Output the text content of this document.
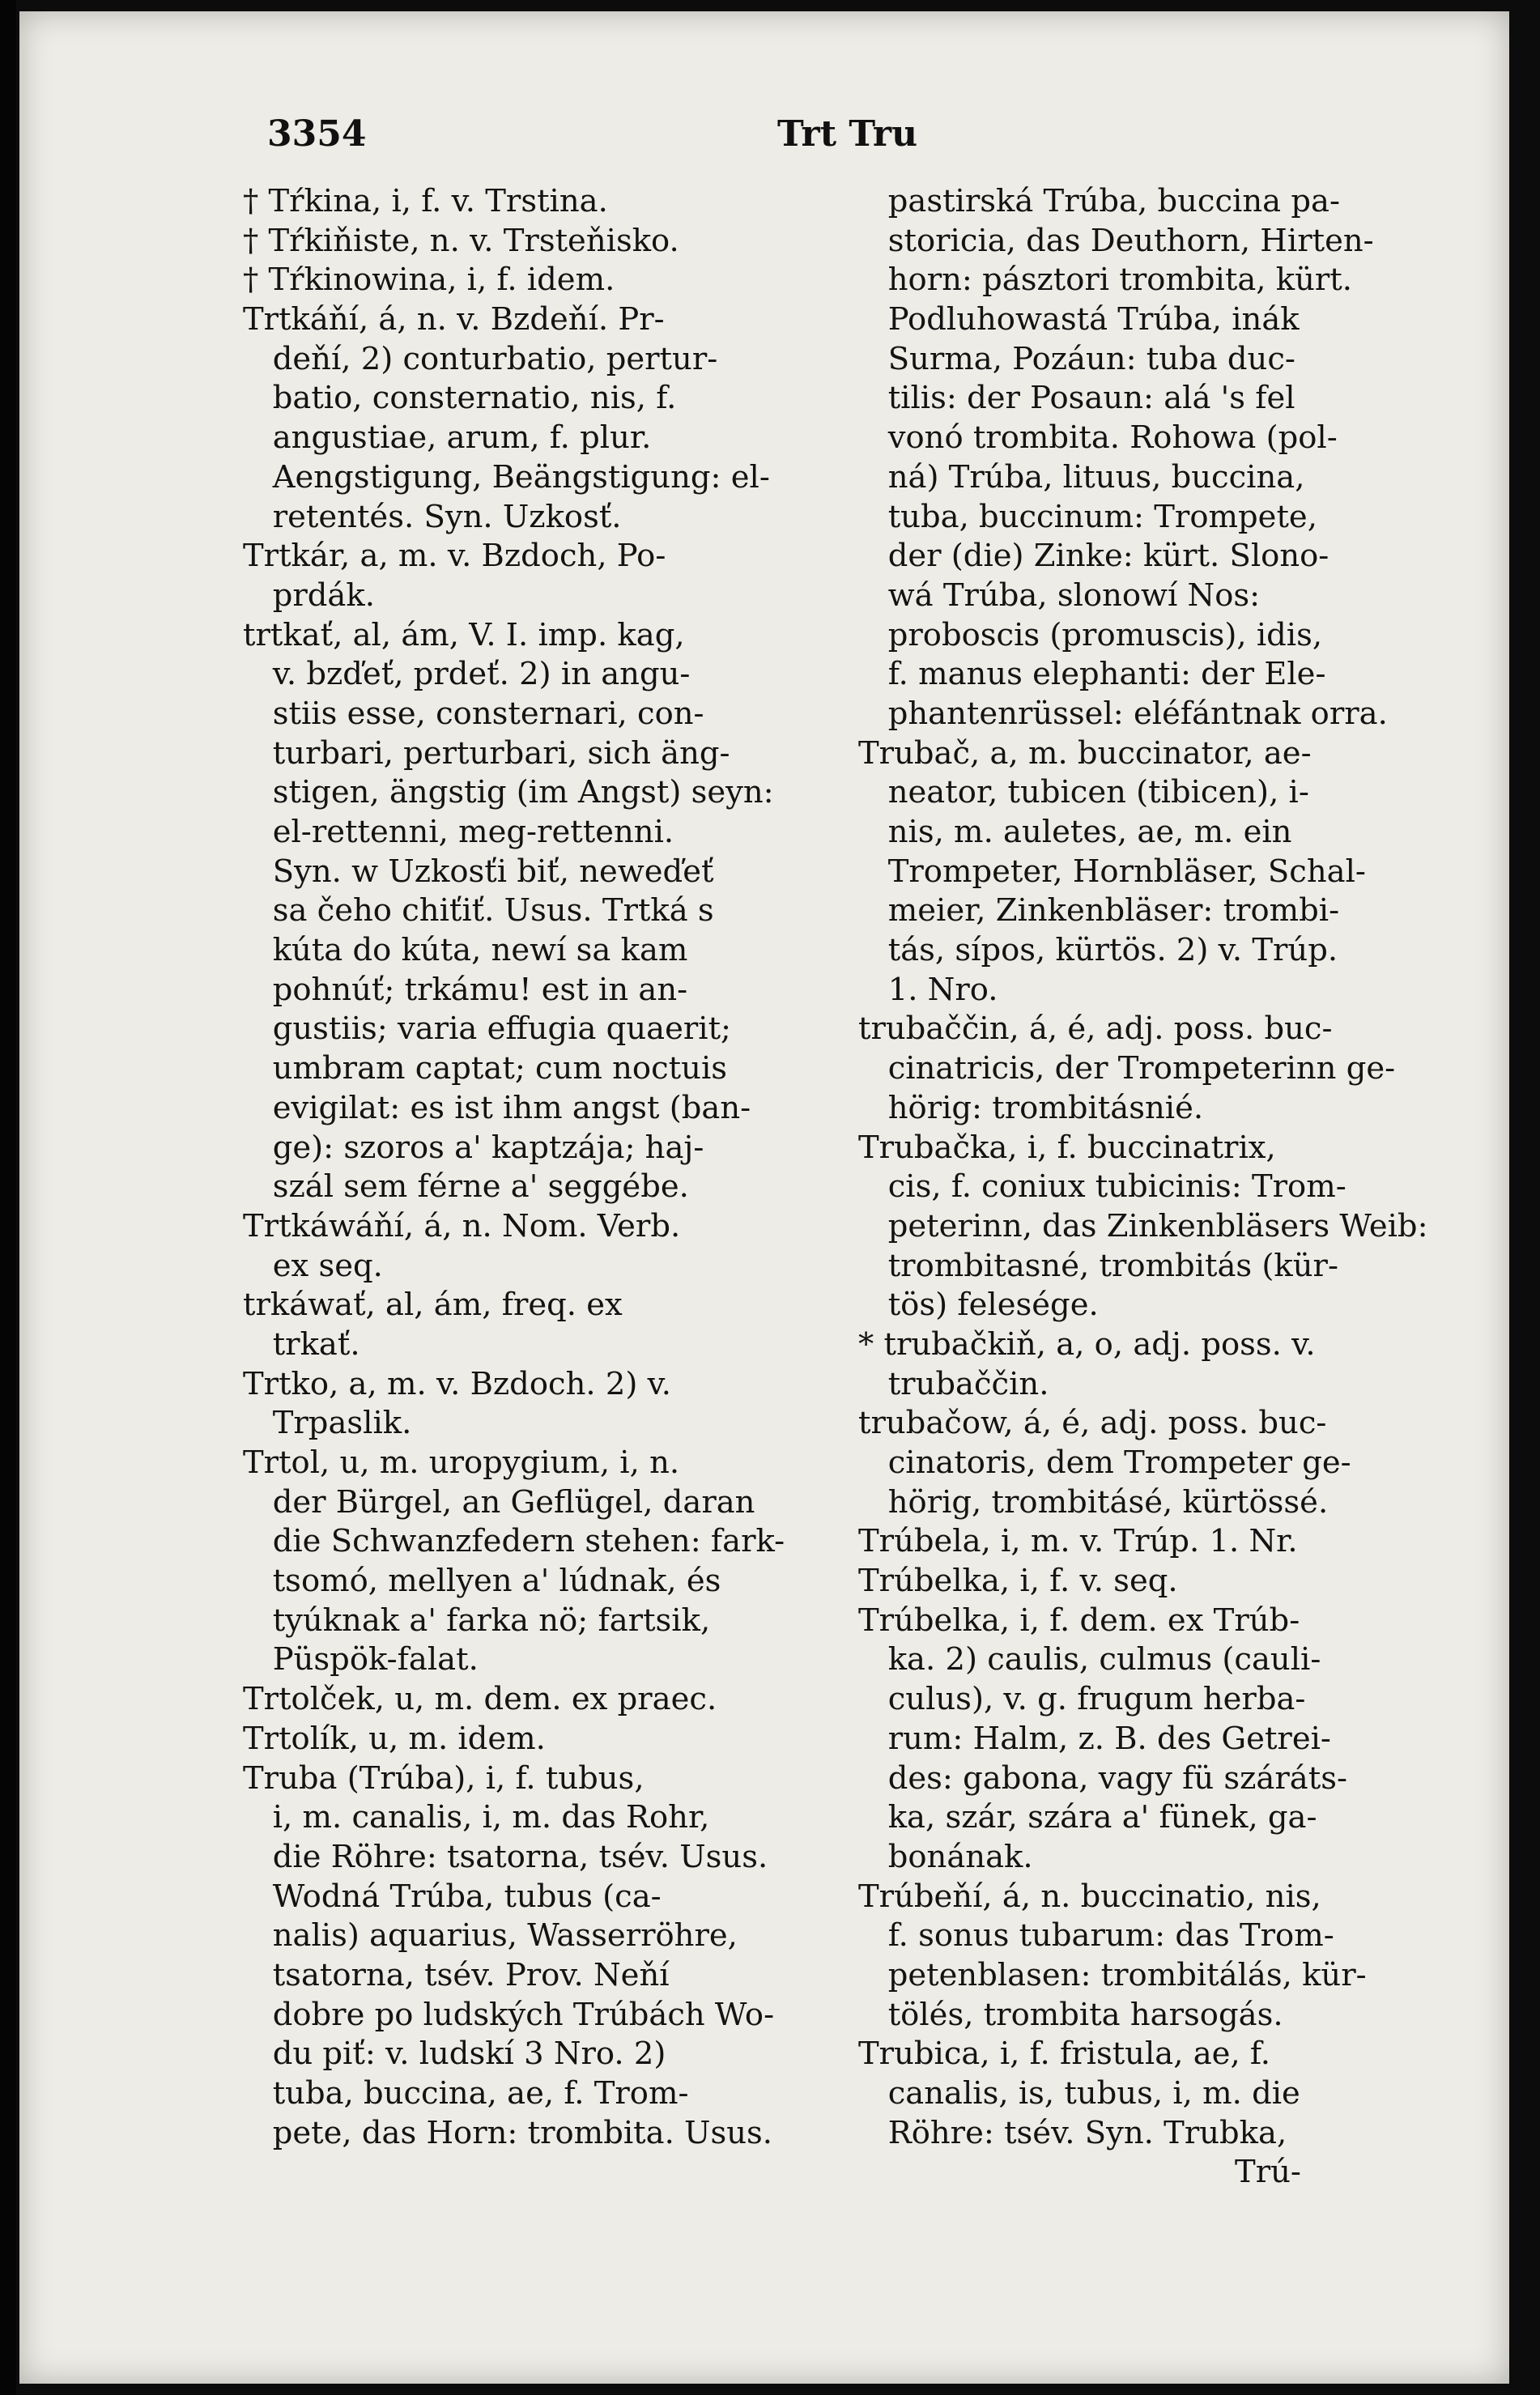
3354	Trt Tru
† Tŕkina, i, f. v. Trstina.
† Tŕkiňiste, n. v. Trsteňisko.
† Tŕkinowina, i, f. idem.
Trtkáňí, á, n. v. Bzdeňí. Pr-
deňí, 2) conturbatio, pertur-
batio, consternatio, nis, f.
angustiae, arum, f. plur.
Aengstigung, Beängstigung: el-
retentés. Syn. Uzkosť.
Trtkár, a, m. v. Bzdoch, Po-
prdák.
trtkať, al, ám, V. I. imp. kag,
v. bzďeť, prdeť. 2) in angu-
stiis esse, consternari, con-
turbari, perturbari, sich äng-
stigen, ängstig (im Angst) seyn:
el-rettenni, meg-rettenni.
Syn. w Uzkosťi biť, neweďeť
sa čeho chiťiť. Usus. Trtká s
kúta do kúta, newí sa kam
pohnúť; trkámu! est in an-
gustiis; varia effugia quaerit;
umbram captat; cum noctuis
evigilat: es ist ihm angst (ban-
ge): szoros a' kaptzája; haj-
szál sem férne a' seggébe.
Trtkáwáňí, á, n. Nom. Verb.
ex seq.
trkáwať, al, ám, freq. ex
trkať.
Trtko, a, m. v. Bzdoch. 2) v.
Trpaslik.
Trtol, u, m. uropygium, i, n.
der Bürgel, an Geflügel, daran
die Schwanzfedern stehen: fark-
tsomó, mellyen a' lúdnak, és
tyúknak a' farka nö; fartsik,
Püspök-falat.
Trtolček, u, m. dem. ex praec.
Trtolík, u, m. idem.
Truba (Trúba), i, f. tubus,
i, m. canalis, i, m. das Rohr,
die Röhre: tsatorna, tsév. Usus.
Wodná Trúba, tubus (ca-
nalis) aquarius, Wasserröhre,
tsatorna, tsév. Prov. Neňí
dobre po ludských Trúbách Wo-
du piť: v. ludskí 3 Nro. 2)
tuba, buccina, ae, f. Trom-
pete, das Horn: trombita. Usus.
pastirská Trúba, buccina pa-
storicia, das Deuthorn, Hirten-
horn: pásztori trombita, kürt.
Podluhowastá Trúba, inák
Surma, Pozáun: tuba duc-
tilis: der Posaun: alá 's fel
vonó trombita. Rohowa (pol-
ná) Trúba, lituus, buccina,
tuba, buccinum: Trompete,
der (die) Zinke: kürt. Slono-
wá Trúba, slonowí Nos:
proboscis (promuscis), idis,
f. manus elephanti: der Ele-
phantenrüssel: eléfántnak orra.
Trubač, a, m. buccinator, ae-
neator, tubicen (tibicen), i-
nis, m. auletes, ae, m. ein
Trompeter, Hornbläser, Schal-
meier, Zinkenbläser: trombi-
tás, sípos, kürtös. 2) v. Trúp.
1. Nro.
trubaččin, á, é, adj. poss. buc-
cinatricis, der Trompeterinn ge-
hörig: trombitásnié.
Trubačka, i, f. buccinatrix,
cis, f. coniux tubicinis: Trom-
peterinn, das Zinkenbläsers Weib:
trombitasné, trombitás (kür-
tös) felesége.
* trubačkiň, a, o, adj. poss. v.
trubaččin.
trubačow, á, é, adj. poss. buc-
cinatoris, dem Trompeter ge-
hörig, trombitásé, kürtössé.
Trúbela, i, m. v. Trúp. 1. Nr.
Trúbelka, i, f. v. seq.
Trúbelka, i, f. dem. ex Trúb-
ka. 2) caulis, culmus (cauli-
culus), v. g. frugum herba-
rum: Halm, z. B. des Getrei-
des: gabona, vagy fü száráts-
ka, szár, szára a' fünek, ga-
bonának.
Trúbeňí, á, n. buccinatio, nis,
f. sonus tubarum: das Trom-
petenblasen: trombitálás, kür-
tölés, trombita harsogás.
Trubica, i, f. fristula, ae, f.
canalis, is, tubus, i, m. die
Röhre: tsév. Syn. Trubka,
Trú-
